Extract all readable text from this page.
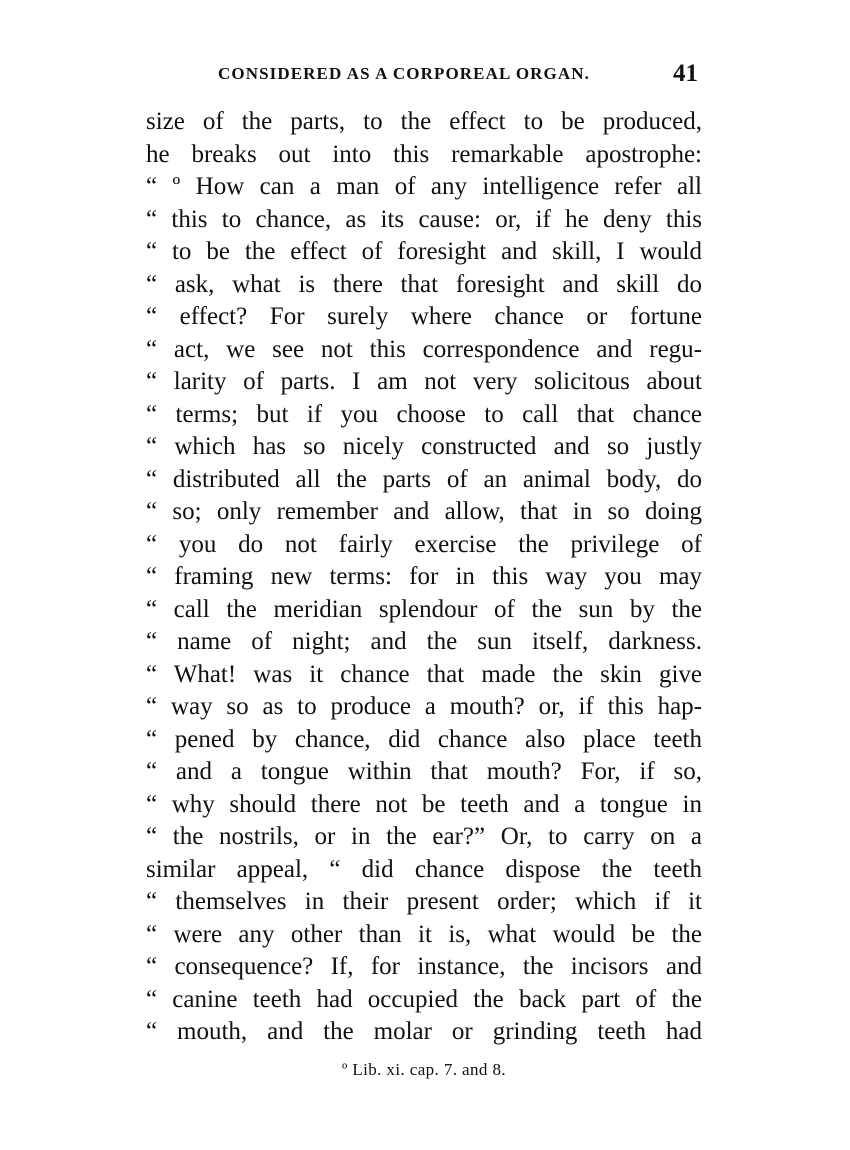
CONSIDERED AS A CORPOREAL ORGAN.	41
size of the parts, to the effect to be produced,
he breaks out into this remarkable apostrophe:
“ º How can a man of any intelligence refer all
“ this to chance, as its cause: or, if he deny this
“ to be the effect of foresight and skill, I would
“ ask, what is there that foresight and skill do
“ effect? For surely where chance or fortune
“ act, we see not this correspondence and regu-
“ larity of parts. I am not very solicitous about
“ terms; but if you choose to call that chance
“ which has so nicely constructed and so justly
“ distributed all the parts of an animal body, do
“ so; only remember and allow, that in so doing
“ you do not fairly exercise the privilege of
“ framing new terms: for in this way you may
“ call the meridian splendour of the sun by the
“ name of night; and the sun itself, darkness.
“ What! was it chance that made the skin give
“ way so as to produce a mouth? or, if this hap-
“ pened by chance, did chance also place teeth
“ and a tongue within that mouth? For, if so,
“ why should there not be teeth and a tongue in
“ the nostrils, or in the ear?” Or, to carry on a
similar appeal, “ did chance dispose the teeth
“ themselves in their present order; which if it
“ were any other than it is, what would be the
“ consequence? If, for instance, the incisors and
“ canine teeth had occupied the back part of the
“ mouth, and the molar or grinding teeth had
º Lib. xi. cap. 7. and 8.
